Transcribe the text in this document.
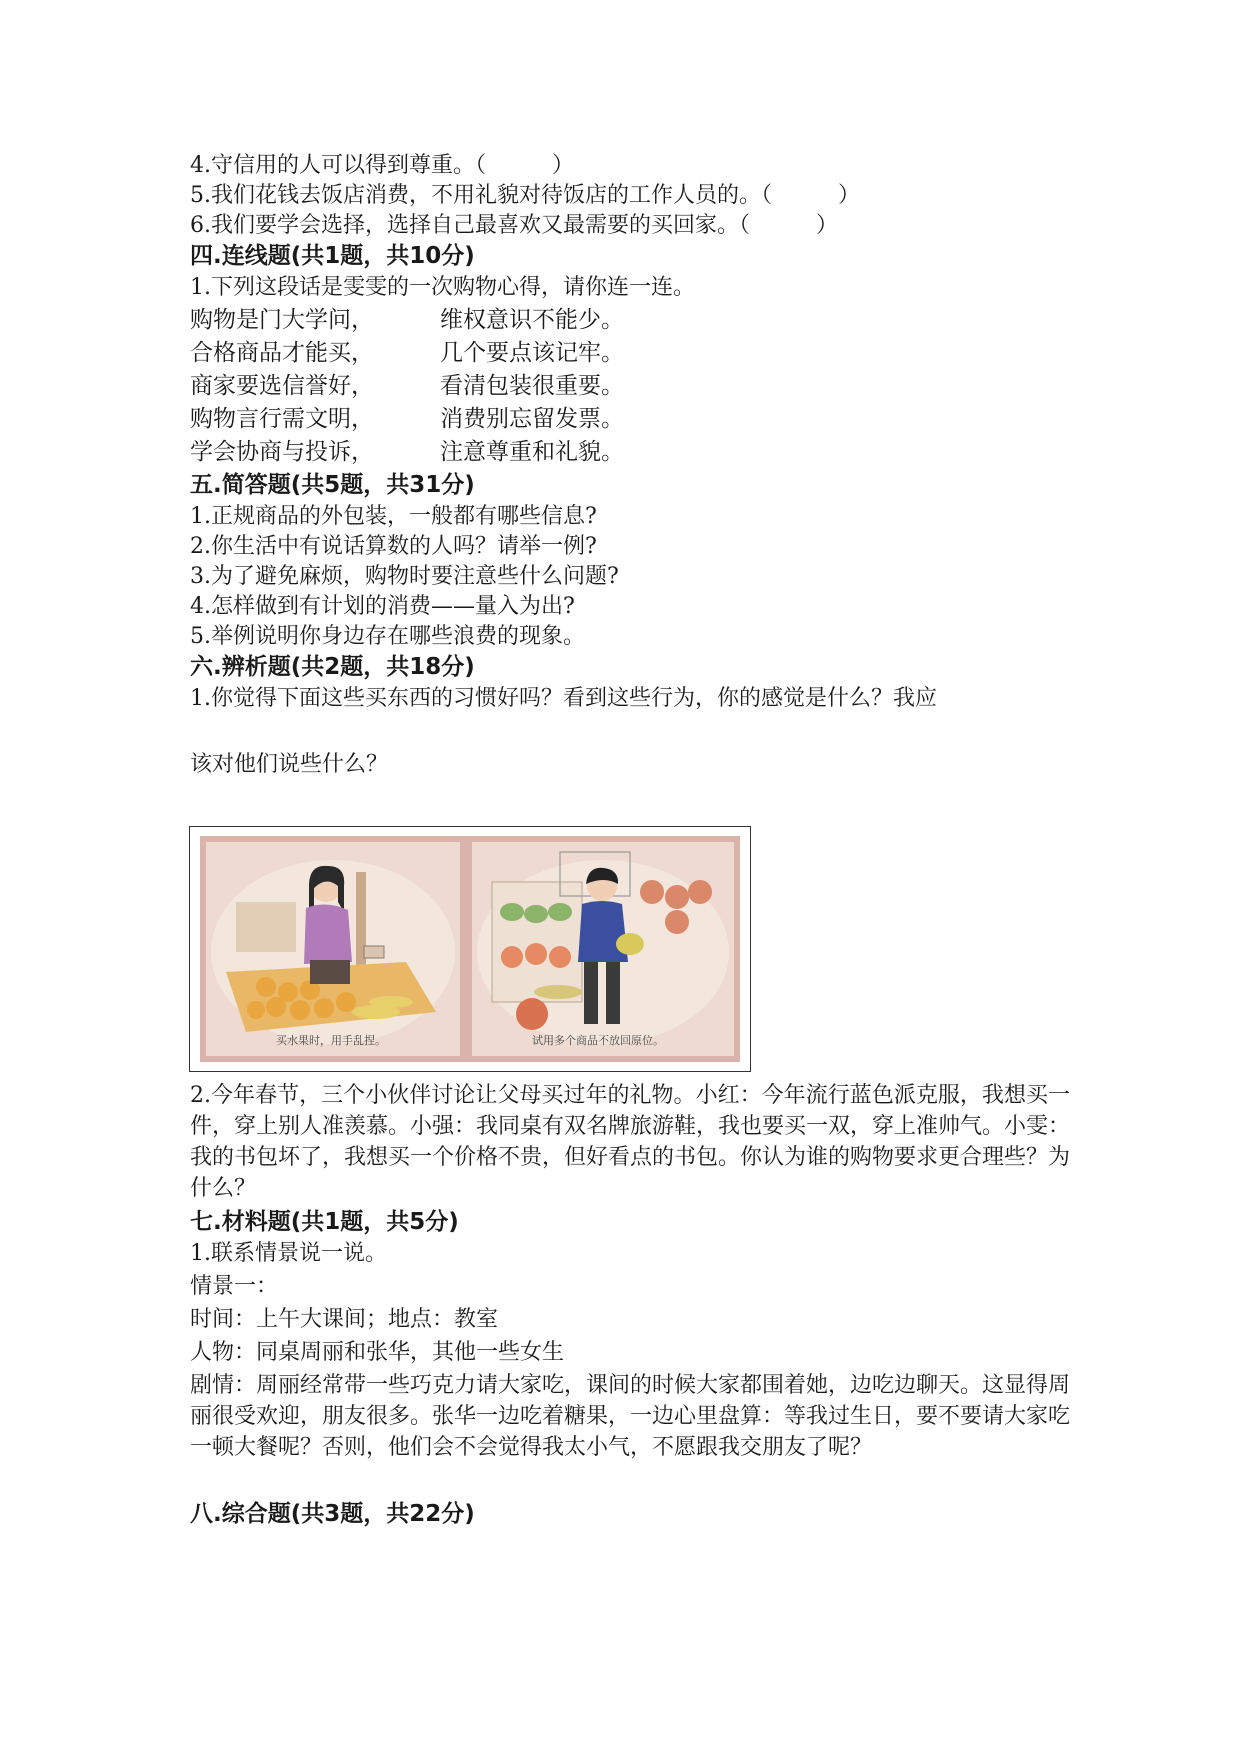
4.守信用的人可以得到尊重。（　　　）
5.我们花钱去饭店消费，不用礼貌对待饭店的工作人员的。（　　　）
6.我们要学会选择，选择自己最喜欢又最需要的买回家。（　　　）
四.连线题(共1题，共10分)
1.下列这段话是雯雯的一次购物心得，请你连一连。
购物是门大学问，	维权意识不能少。
合格商品才能买，	几个要点该记牢。
商家要选信誉好，	看清包装很重要。
购物言行需文明，	消费别忘留发票。
学会协商与投诉，	注意尊重和礼貌。
五.简答题(共5题，共31分)
1.正规商品的外包装，一般都有哪些信息?
2.你生活中有说话算数的人吗？请举一例?
3.为了避免麻烦，购物时要注意些什么问题?
4.怎样做到有计划的消费——量入为出?
5.举例说明你身边存在哪些浪费的现象。
六.辨析题(共2题，共18分)
1.你觉得下面这些买东西的习惯好吗？看到这些行为，你的感觉是什么？我应
该对他们说些什么？
2.今年春节，三个小伙伴讨论让父母买过年的礼物。小红：今年流行蓝色派克服，我想买一件，穿上别人准羡慕。小强：我同桌有双名牌旅游鞋，我也要买一双，穿上准帅气。小雯：我的书包坏了，我想买一个价格不贵，但好看点的书包。你认为谁的购物要求更合理些？为什么？
七.材料题(共1题，共5分)
1.联系情景说一说。
情景一：
时间：上午大课间；地点：教室
人物：同桌周丽和张华，其他一些女生
剧情：周丽经常带一些巧克力请大家吃，课间的时候大家都围着她，边吃边聊天。这显得周丽很受欢迎，朋友很多。张华一边吃着糖果，一边心里盘算：等我过生日，要不要请大家吃一顿大餐呢？否则，他们会不会觉得我太小气，不愿跟我交朋友了呢？
八.综合题(共3题，共22分)
买水果时，用手乱捏。	试用多个商品不放回原位。
